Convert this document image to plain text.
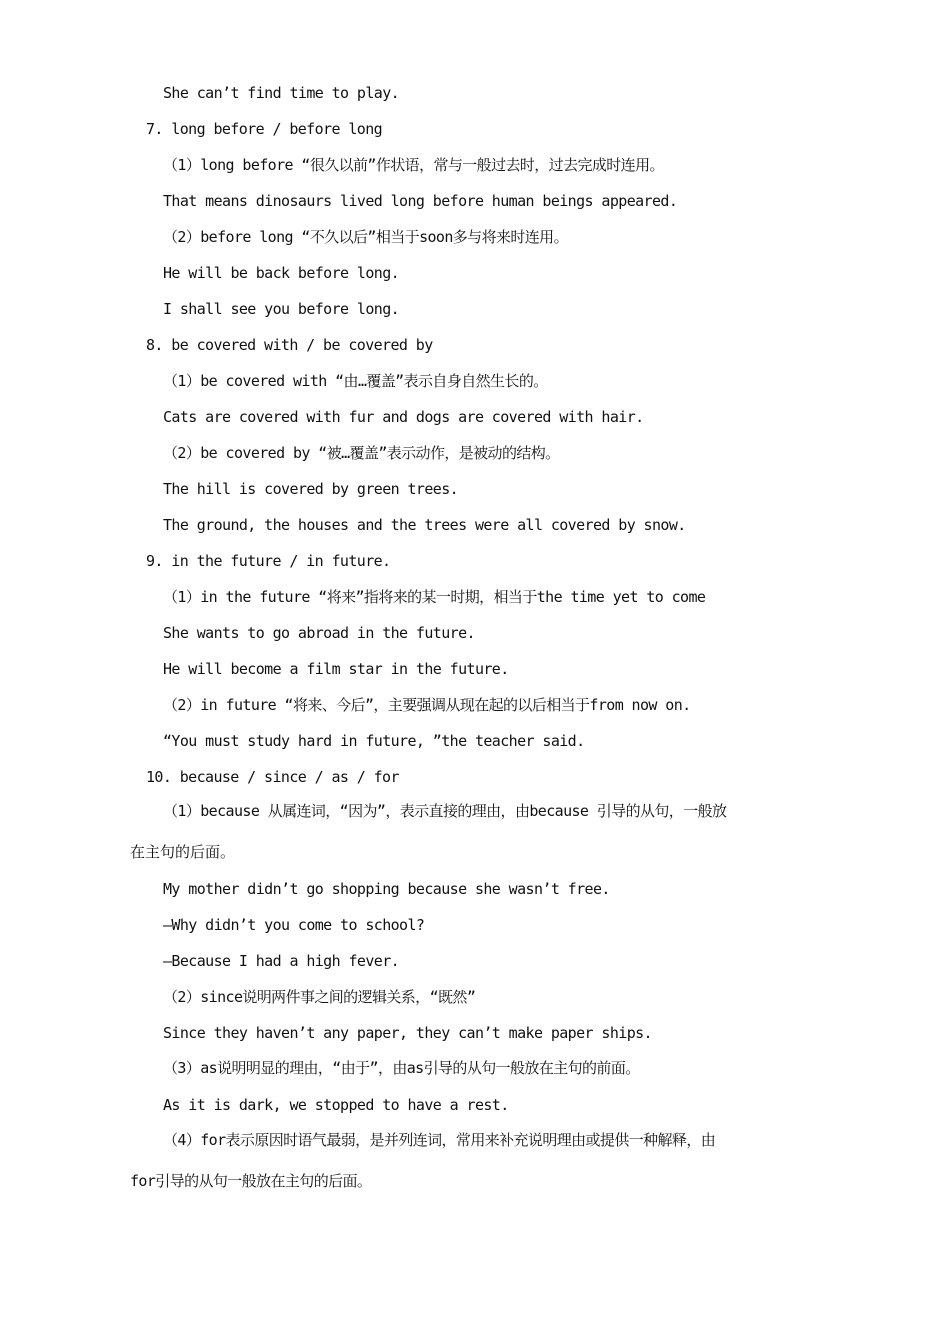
She can’t find time to play.
7. long before / before long
（1）long before “很久以前”作状语，常与一般过去时，过去完成时连用。
That means dinosaurs lived long before human beings appeared.
（2）before long “不久以后”相当于soon多与将来时连用。
He will be back before long.
I shall see you before long.
8. be covered with / be covered by
（1）be covered with “由…覆盖”表示自身自然生长的。
Cats are covered with fur and dogs are covered with hair.
（2）be covered by “被…覆盖”表示动作，是被动的结构。
The hill is covered by green trees.
The ground, the houses and the trees were all covered by snow.
9. in the future / in future.
（1）in the future “将来”指将来的某一时期，相当于the time yet to come
She wants to go abroad in the future.
He will become a film star in the future.
（2）in future “将来、今后”，主要强调从现在起的以后相当于from now on.
“You must study hard in future, ”the teacher said.
10. because / since / as / for
（1）because 从属连词，“因为”，表示直接的理由，由because 引导的从句，一般放
在主句的后面。
My mother didn’t go shopping because she wasn’t free.
—Why didn’t you come to school?
—Because I had a high fever.
（2）since说明两件事之间的逻辑关系，“既然”
Since they haven’t any paper, they can’t make paper ships.
（3）as说明明显的理由，“由于”，由as引导的从句一般放在主句的前面。
As it is dark, we stopped to have a rest.
（4）for表示原因时语气最弱，是并列连词，常用来补充说明理由或提供一种解释，由
for引导的从句一般放在主句的后面。
